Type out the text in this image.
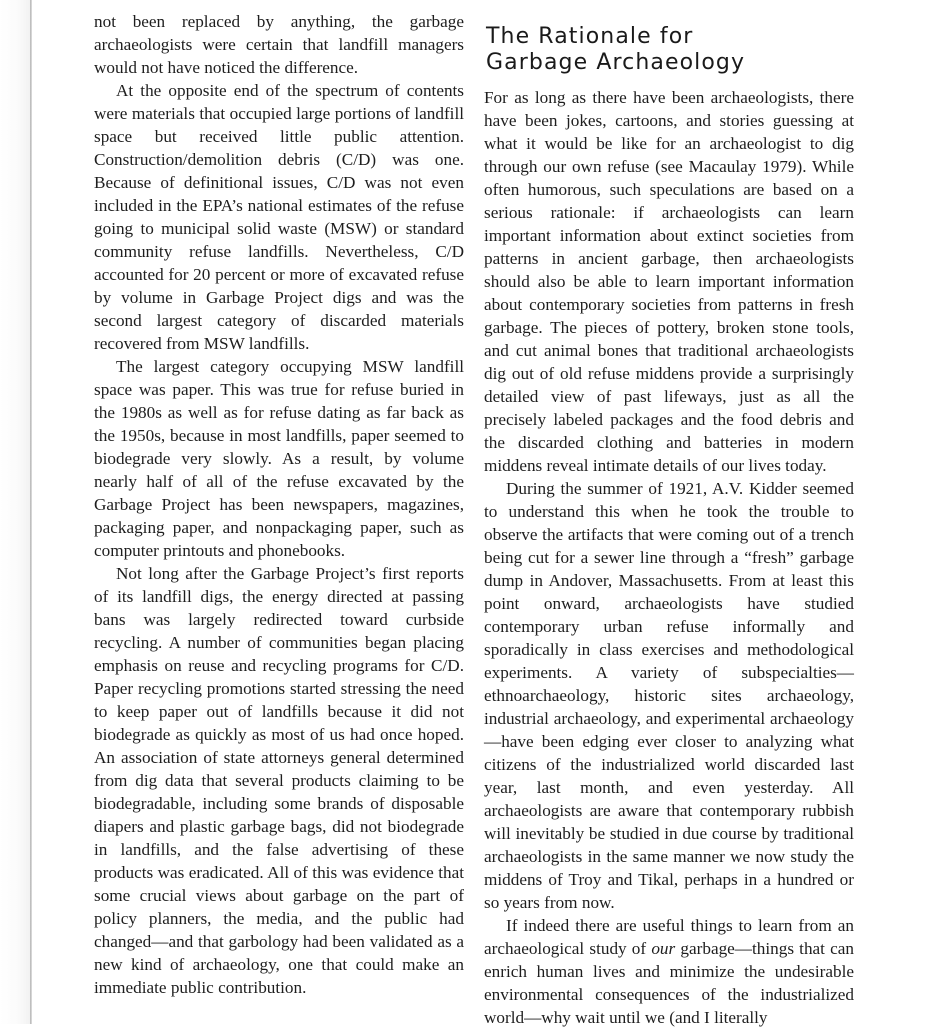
not been replaced by anything, the garbage archaeologists were certain that landfill managers would not have noticed the difference.

At the opposite end of the spectrum of contents were materials that occupied large portions of landfill space but received little public attention. Construction/demolition debris (C/D) was one. Because of definitional issues, C/D was not even included in the EPA’s national estimates of the refuse going to municipal solid waste (MSW) or standard community refuse landfills. Nevertheless, C/D accounted for 20 percent or more of excavated refuse by volume in Garbage Project digs and was the second largest category of discarded materials recovered from MSW landfills.

The largest category occupying MSW landfill space was paper. This was true for refuse buried in the 1980s as well as for refuse dating as far back as the 1950s, because in most landfills, paper seemed to biodegrade very slowly. As a result, by volume nearly half of all of the refuse excavated by the Garbage Project has been newspapers, magazines, packaging paper, and nonpackaging paper, such as computer printouts and phonebooks.

Not long after the Garbage Project’s first reports of its landfill digs, the energy directed at passing bans was largely redirected toward curbside recycling. A number of communities began placing emphasis on reuse and recycling programs for C/D. Paper recycling promotions started stressing the need to keep paper out of landfills because it did not biodegrade as quickly as most of us had once hoped. An association of state attorneys general determined from dig data that several products claiming to be biodegradable, including some brands of disposable diapers and plastic garbage bags, did not biodegrade in landfills, and the false advertising of these products was eradicated. All of this was evidence that some crucial views about garbage on the part of policy planners, the media, and the public had changed—and that garbology had been validated as a new kind of archaeology, one that could make an immediate public contribution.

The Rationale for
Garbage Archaeology

For as long as there have been archaeologists, there have been jokes, cartoons, and stories guessing at what it would be like for an archaeologist to dig through our own refuse (see Macaulay 1979). While often humorous, such speculations are based on a serious rationale: if archaeologists can learn important information about extinct societies from patterns in ancient garbage, then archaeologists should also be able to learn important information about contemporary societies from patterns in fresh garbage. The pieces of pottery, broken stone tools, and cut animal bones that traditional archaeologists dig out of old refuse middens provide a surprisingly detailed view of past lifeways, just as all the precisely labeled packages and the food debris and the discarded clothing and batteries in modern middens reveal intimate details of our lives today.

During the summer of 1921, A.V. Kidder seemed to understand this when he took the trouble to observe the artifacts that were coming out of a trench being cut for a sewer line through a “fresh” garbage dump in Andover, Massachusetts. From at least this point onward, archaeologists have studied contemporary urban refuse informally and sporadically in class exercises and methodological experiments. A variety of subspecialties—ethnoarchaeology, historic sites archaeology, industrial archaeology, and experimental archaeology—have been edging ever closer to analyzing what citizens of the industrialized world discarded last year, last month, and even yesterday. All archaeologists are aware that contemporary rubbish will inevitably be studied in due course by traditional archaeologists in the same manner we now study the middens of Troy and Tikal, perhaps in a hundred or so years from now.

If indeed there are useful things to learn from an archaeological study of our garbage—things that can enrich human lives and minimize the undesirable environmental consequences of the industrialized world—why wait until we (and I literally
